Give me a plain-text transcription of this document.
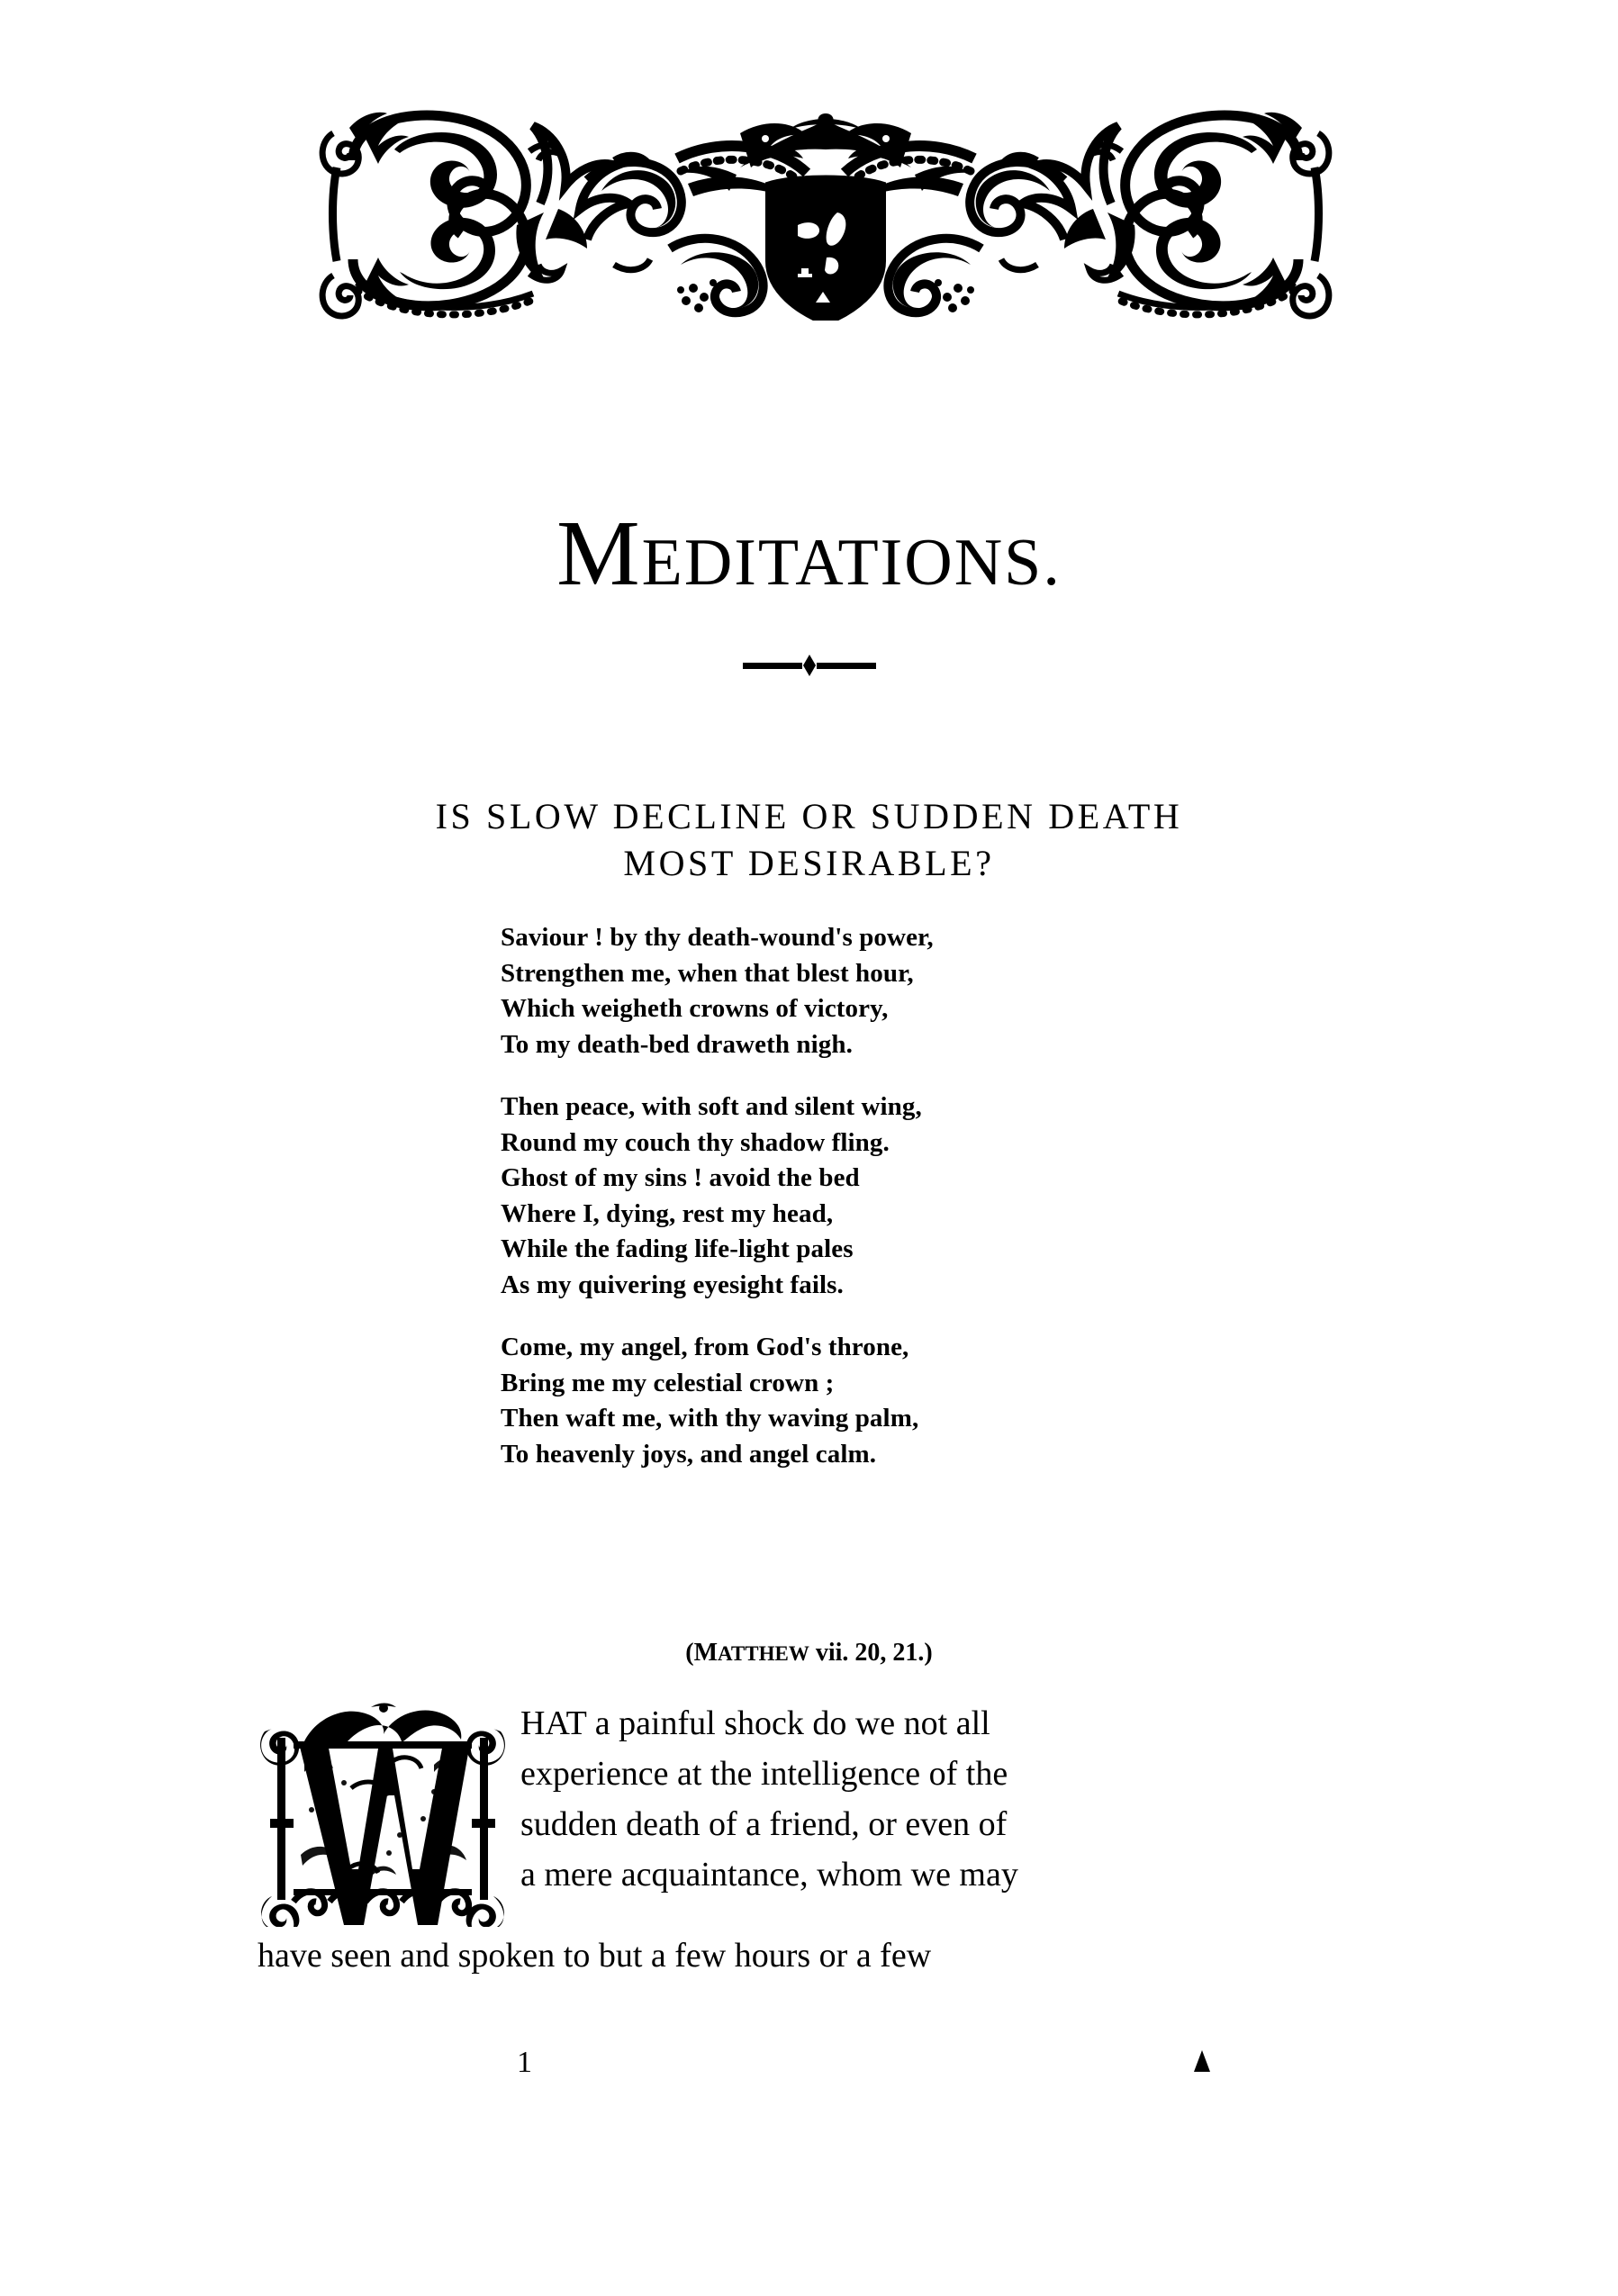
MEDITATIONS.
IS SLOW DECLINE OR SUDDEN DEATH
MOST DESIRABLE?
Saviour ! by thy death-wound's power,
Strengthen me, when that blest hour,
Which weigheth crowns of victory,
To my death-bed draweth nigh.
Then peace, with soft and silent wing,
Round my couch thy shadow fling.
Ghost of my sins ! avoid the bed
Where I, dying, rest my head,
While the fading life-light pales
As my quivering eyesight fails.
Come, my angel, from God's throne,
Bring me my celestial crown ;
Then waft me, with thy waving palm,
To heavenly joys, and angel calm.

(MATTHEW vii. 20, 21.)

HAT a painful shock do we not all
experience at the intelligence of the
sudden death of a friend, or even of
a mere acquaintance, whom we may
have seen and spoken to but a few hours or a few
1
